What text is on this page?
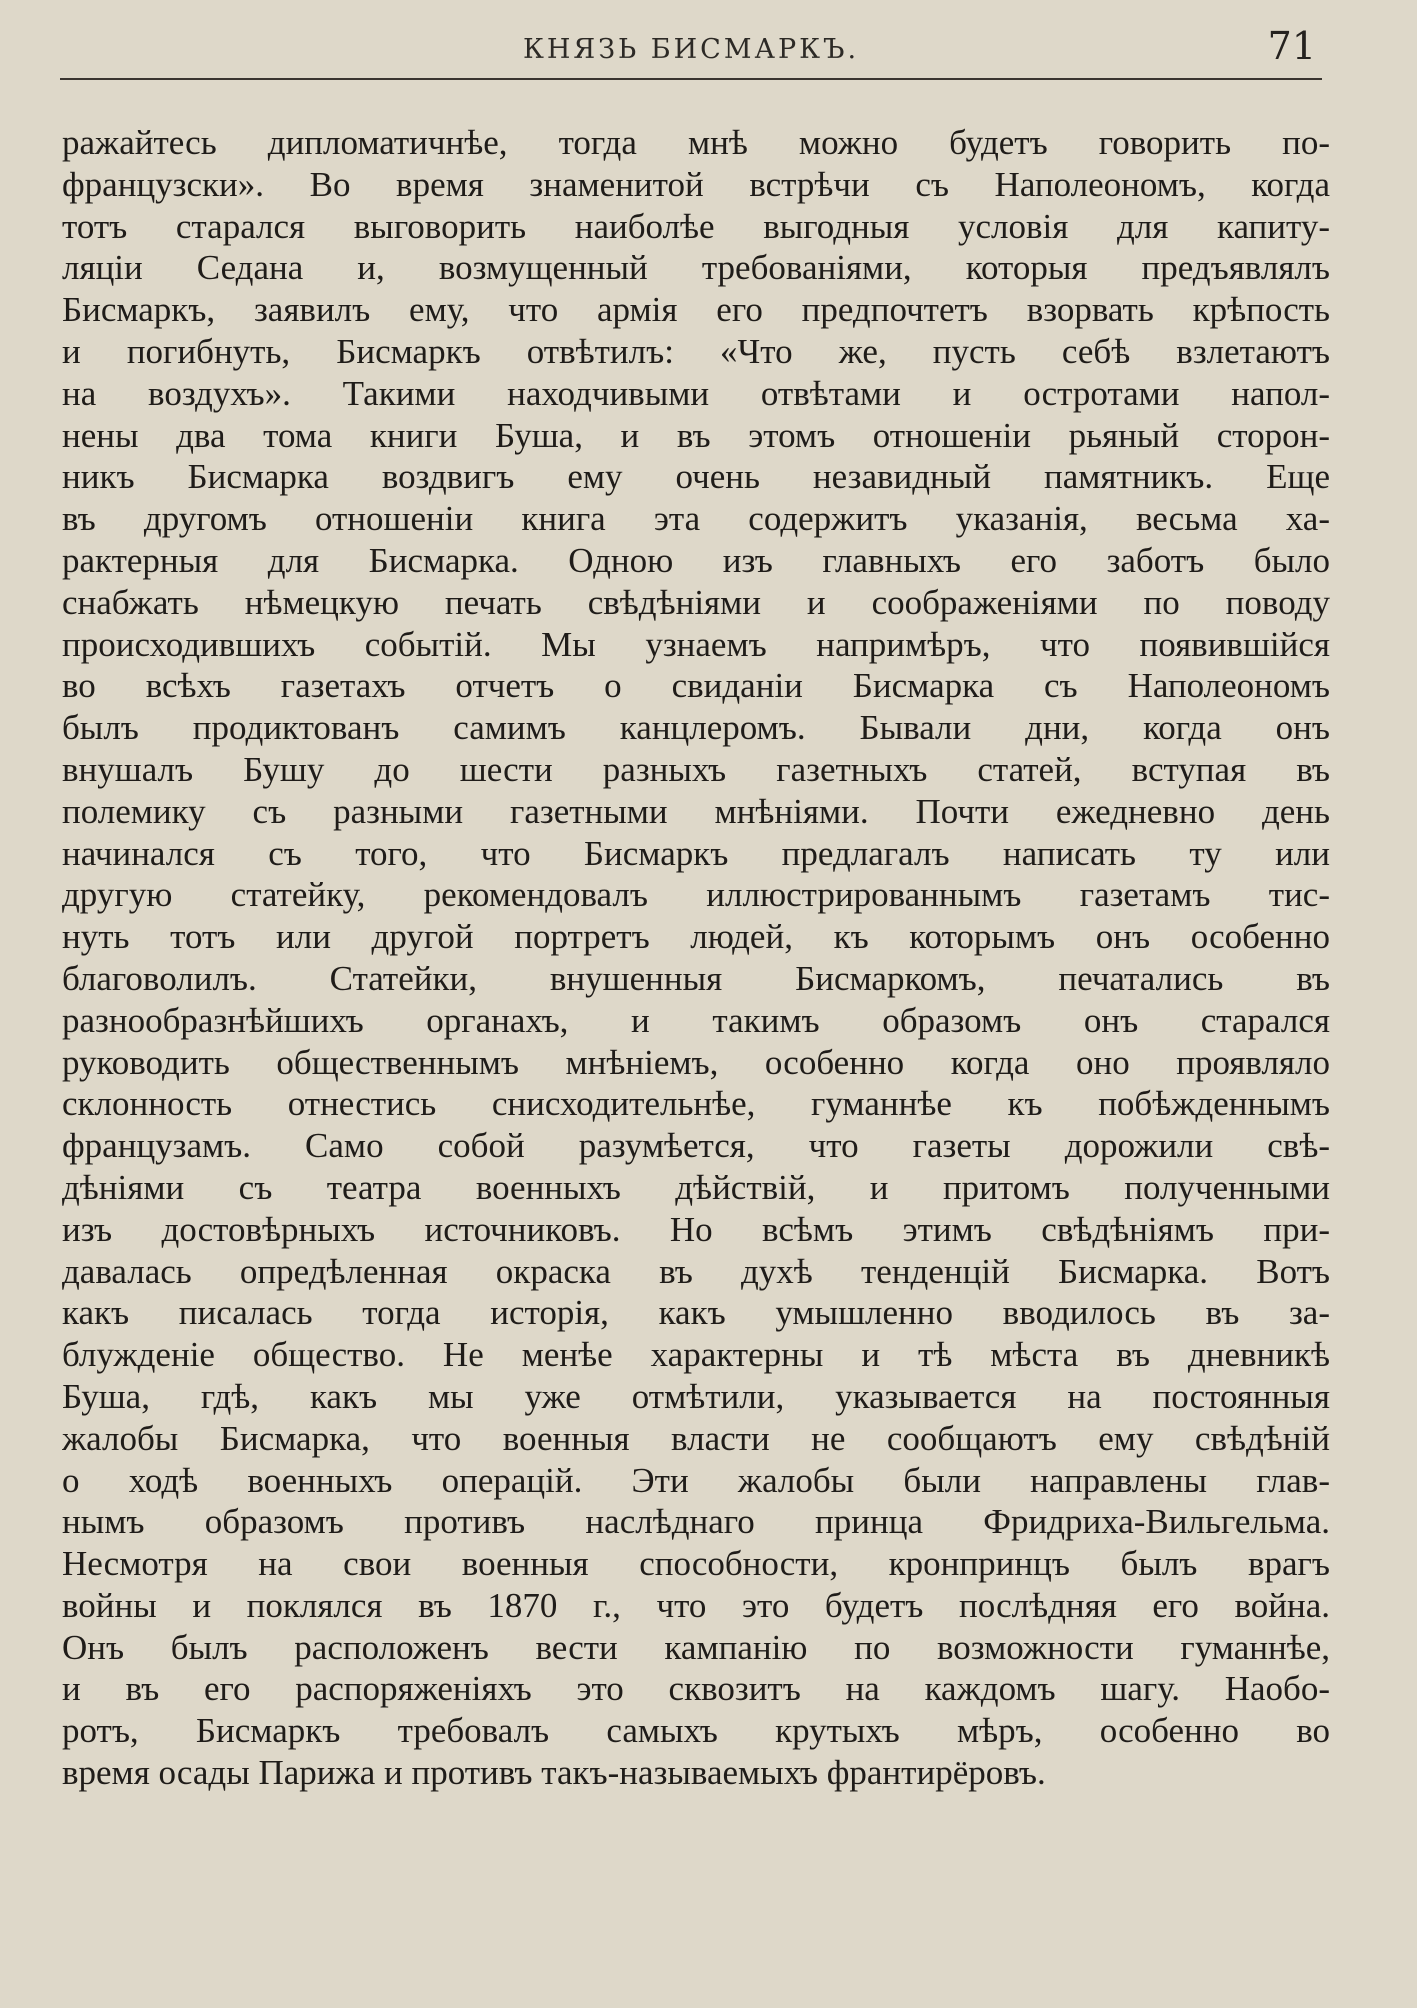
КНЯЗЬ БИСМАРКЪ.	71
ражайтесь дипломатичнѣе, тогда мнѣ можно будетъ говорить по-
французски». Во время знаменитой встрѣчи съ Наполеономъ, когда
тотъ старался выговорить наиболѣе выгодныя условія для капиту-
ляціи Седана и, возмущенный требованіями, которыя предъявлялъ
Бисмаркъ, заявилъ ему, что армія его предпочтетъ взорвать крѣпость
и погибнуть, Бисмаркъ отвѣтилъ: «Что же, пусть себѣ взлетаютъ
на воздухъ». Такими находчивыми отвѣтами и остротами напол-
нены два тома книги Буша, и въ этомъ отношеніи рьяный сторон-
никъ Бисмарка воздвигъ ему очень незавидный памятникъ. Еще
въ другомъ отношеніи книга эта содержитъ указанія, весьма ха-
рактерныя для Бисмарка. Одною изъ главныхъ его заботъ было
снабжать нѣмецкую печать свѣдѣніями и соображеніями по поводу
происходившихъ событій. Мы узнаемъ напримѣръ, что появившійся
во всѣхъ газетахъ отчетъ о свиданіи Бисмарка съ Наполеономъ
былъ продиктованъ самимъ канцлеромъ. Бывали дни, когда онъ
внушалъ Бушу до шести разныхъ газетныхъ статей, вступая въ
полемику съ разными газетными мнѣніями. Почти ежедневно день
начинался съ того, что Бисмаркъ предлагалъ написать ту или
другую статейку, рекомендовалъ иллюстрированнымъ газетамъ тис-
нуть тотъ или другой портретъ людей, къ которымъ онъ особенно
благоволилъ. Статейки, внушенныя Бисмаркомъ, печатались въ
разнообразнѣйшихъ органахъ, и такимъ образомъ онъ старался
руководить общественнымъ мнѣніемъ, особенно когда оно проявляло
склонность отнестись снисходительнѣе, гуманнѣе къ побѣжденнымъ
французамъ. Само собой разумѣется, что газеты дорожили свѣ-
дѣніями съ театра военныхъ дѣйствій, и притомъ полученными
изъ достовѣрныхъ источниковъ. Но всѣмъ этимъ свѣдѣніямъ при-
давалась опредѣленная окраска въ духѣ тенденцій Бисмарка. Вотъ
какъ писалась тогда исторія, какъ умышленно вводилось въ за-
блужденіе общество. Не менѣе характерны и тѣ мѣста въ дневникѣ
Буша, гдѣ, какъ мы уже отмѣтили, указывается на постоянныя
жалобы Бисмарка, что военныя власти не сообщаютъ ему свѣдѣній
о ходѣ военныхъ операцій. Эти жалобы были направлены глав-
нымъ образомъ противъ наслѣднаго принца Фридриха-Вильгельма.
Несмотря на свои военныя способности, кронпринцъ былъ врагъ
войны и поклялся въ 1870 г., что это будетъ послѣдняя его война.
Онъ былъ расположенъ вести кампанію по возможности гуманнѣе,
и въ его распоряженіяхъ это сквозитъ на каждомъ шагу. Наобо-
ротъ, Бисмаркъ требовалъ самыхъ крутыхъ мѣръ, особенно во
время осады Парижа и противъ такъ-называемыхъ франтирёровъ.
